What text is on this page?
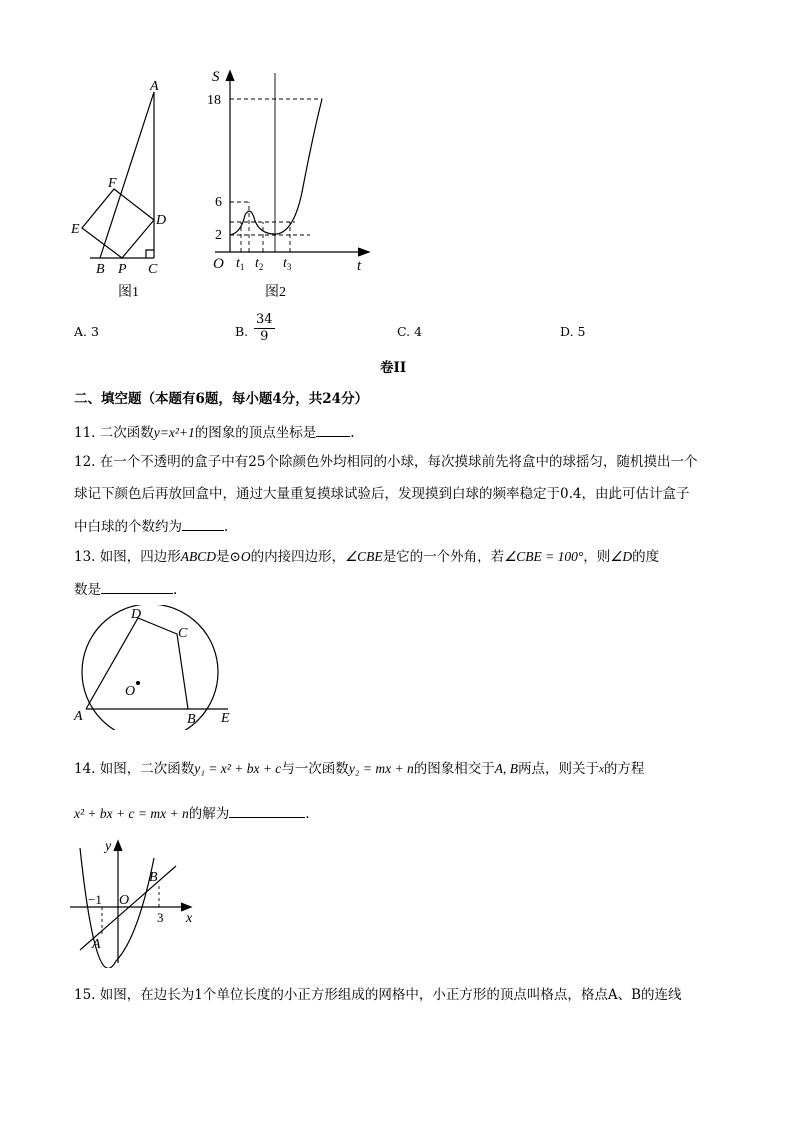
A
F
D
E
B P C
图1
S
18
6
2
O $t_1$ $t_2$ $t_3$	t
图2
A. 3	B. $\frac{34}{9}$	C. 4	D. 5
卷II
二、填空题（本题有6题，每小题4分，共24分）
11. 二次函数y=x²+1的图象的顶点坐标是	.
12. 在一个不透明的盒子中有25个除颜色外均相同的小球，每次摸球前先将盒中的球摇匀，随机摸出一个
球记下颜色后再放回盒中，通过大量重复摸球试验后，发现摸到白球的频率稳定于0.4，由此可估计盒子
中白球的个数约为	.
13. 如图，四边形ABCD是⊙O的内接四边形，∠CBE是它的一个外角，若∠CBE = 100°，则∠D的度
数是	.
D
C
O
A	B E
14. 如图，二次函数y₁ = x² + bx + c与一次函数y₂ = mx + n的图象相交于A, B两点，则关于$^x$的方程
x² + bx + c = mx + n的解为	.
y
B
−1 O
3 x
A
15. 如图，在边长为1个单位长度的小正方形组成的网格中，小正方形的顶点叫格点，格点A、B的连线
